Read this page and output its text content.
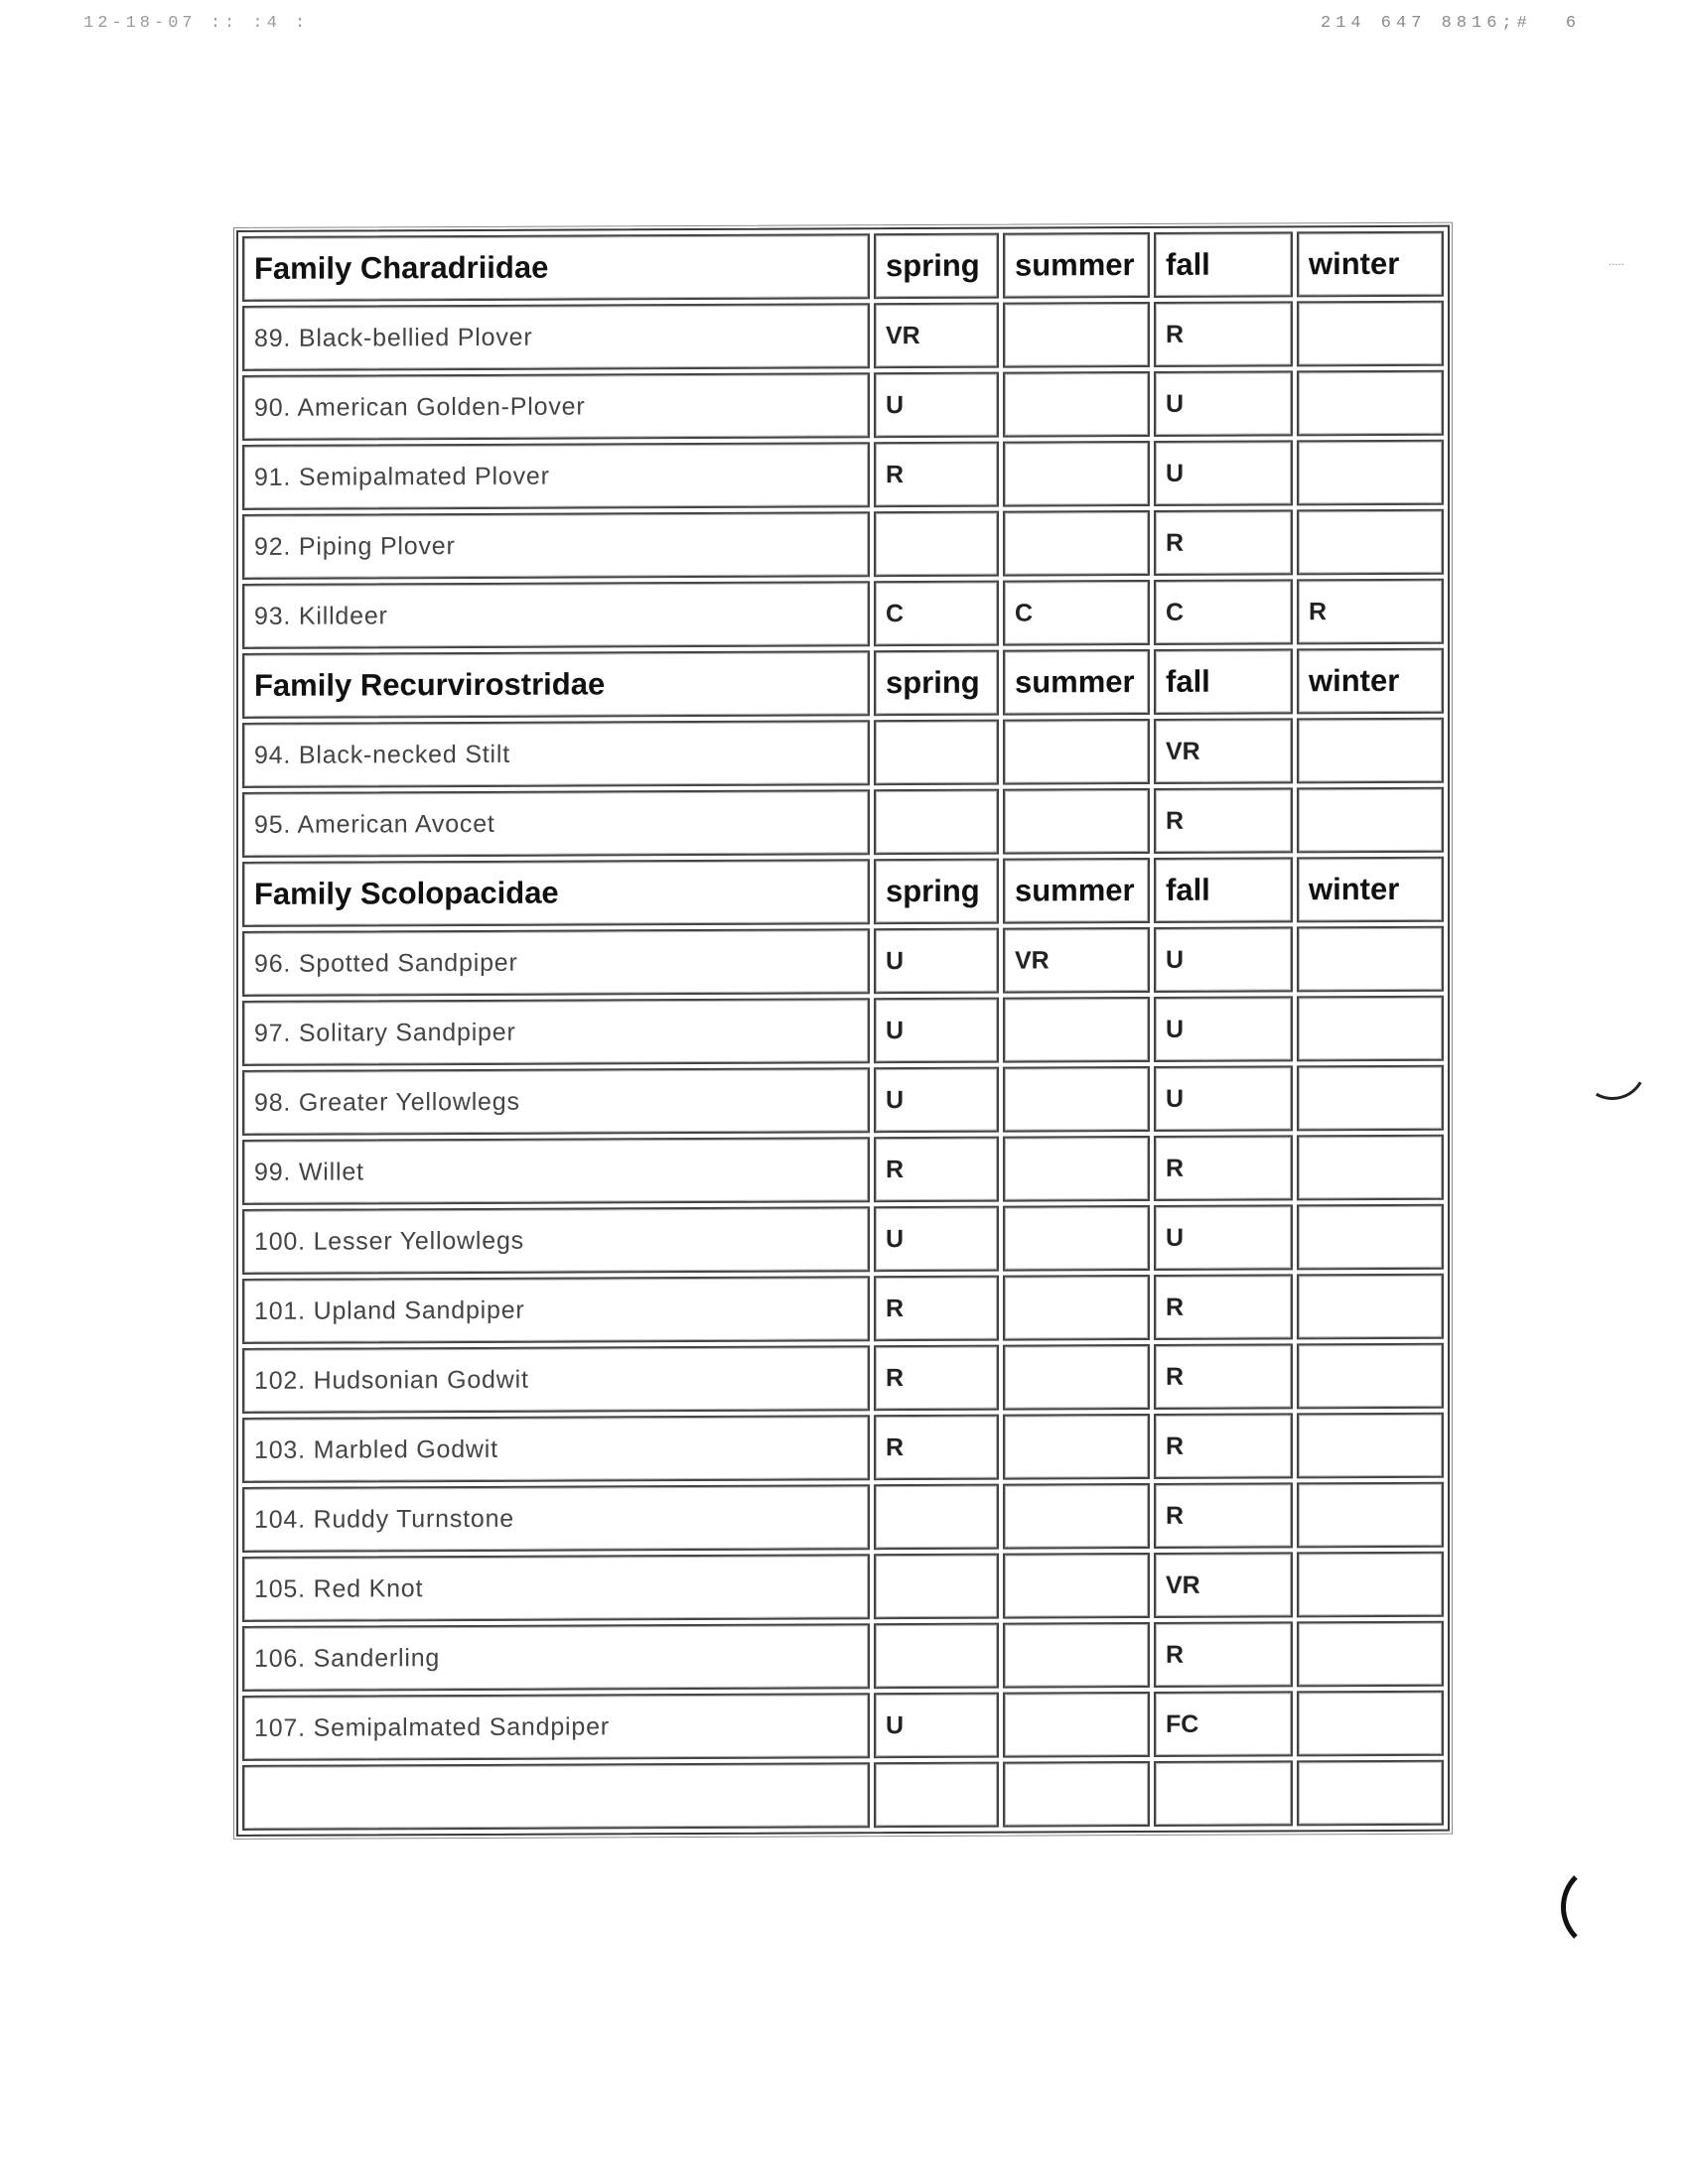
12-18-07 :: :4 :	214 647 8816;# 6
Family Charadriidae	spring	summer	fall	winter
89. Black-bellied Plover	VR		R	
90. American Golden-Plover	U		U	
91. Semipalmated Plover	R		U	
92. Piping Plover			R	
93. Killdeer	C	C	C	R
Family Recurvirostridae	spring	summer	fall	winter
94. Black-necked Stilt			VR	
95. American Avocet			R	
Family Scolopacidae	spring	summer	fall	winter
96. Spotted Sandpiper	U	VR	U	
97. Solitary Sandpiper	U		U	
98. Greater Yellowlegs	U		U	
99. Willet	R		R	
100. Lesser Yellowlegs	U		U	
101. Upland Sandpiper	R		R	
102. Hudsonian Godwit	R		R	
103. Marbled Godwit	R		R	
104. Ruddy Turnstone			R	
105. Red Knot			VR	
106. Sanderling			R	
107. Semipalmated Sandpiper	U		FC	

·····
